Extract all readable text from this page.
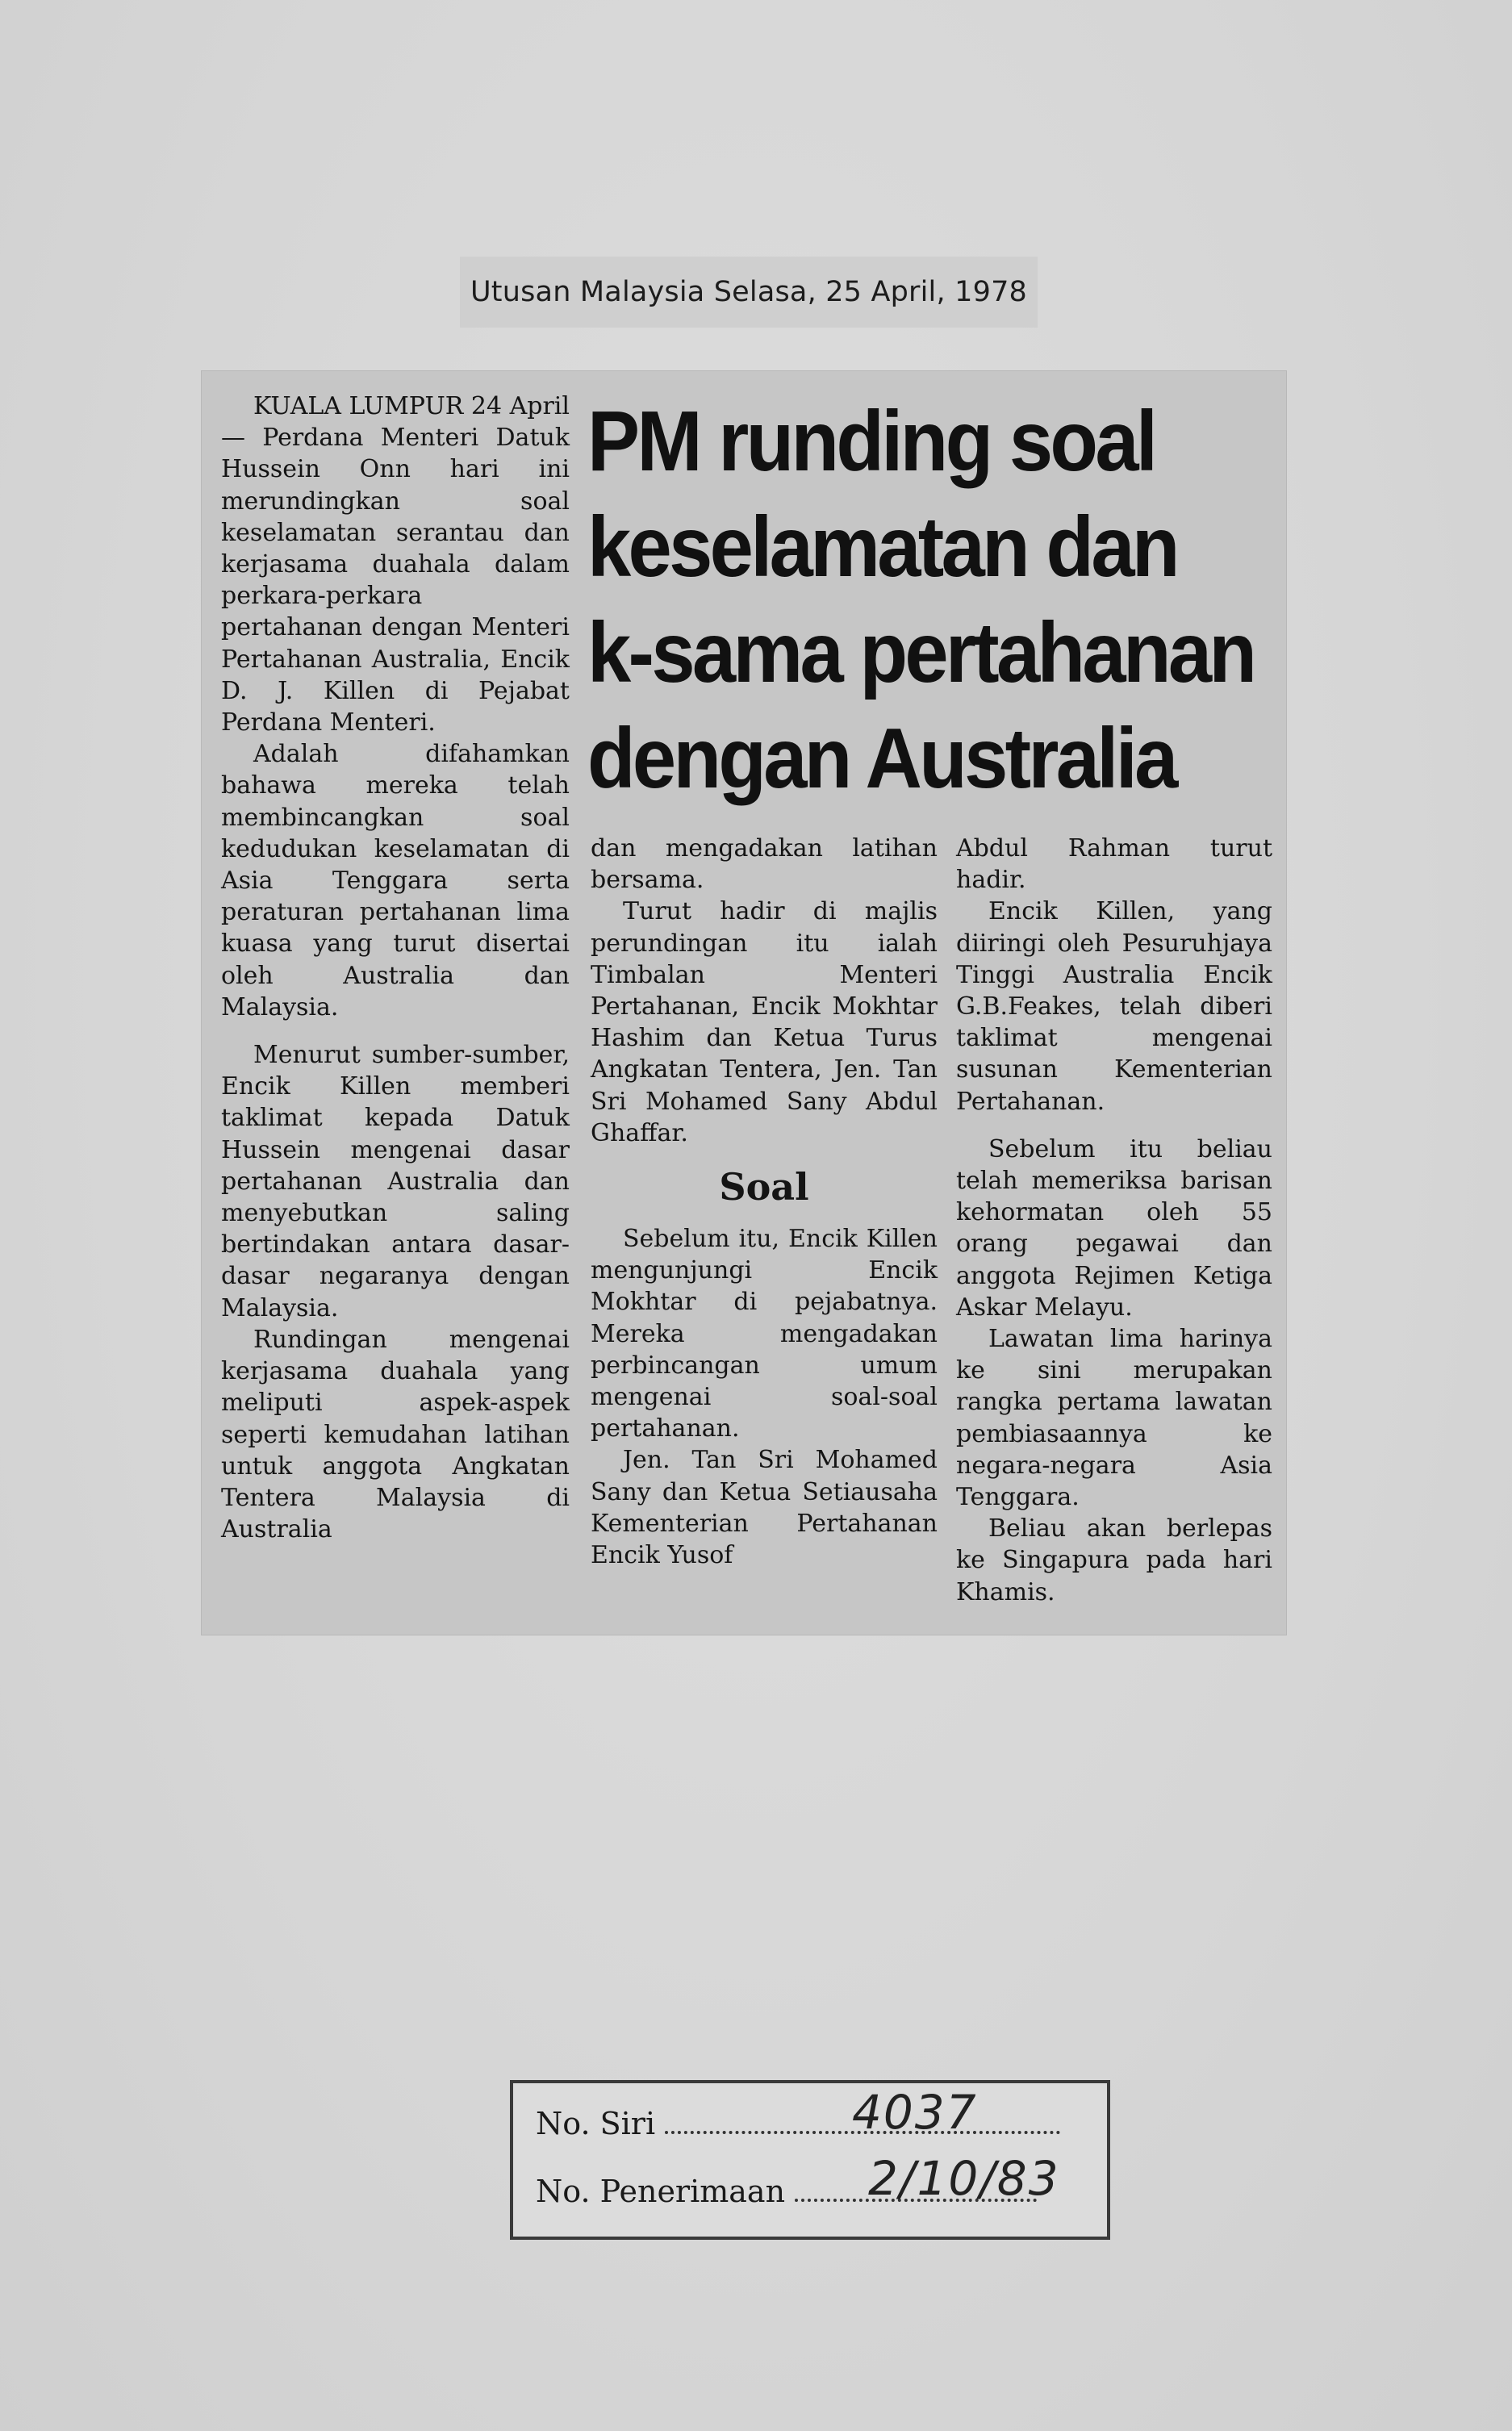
Utusan Malaysia Selasa, 25 April, 1978
PM runding soal
keselamatan dan
k-sama pertahanan
dengan Australia

KUALA LUMPUR 24 April — Perdana Menteri Datuk Hussein Onn hari ini merundingkan soal keselamatan serantau dan kerjasama duahala dalam perkara-perkara pertahanan dengan Menteri Pertahanan Australia, Encik D. J. Killen di Pejabat Perdana Menteri.

Adalah difahamkan bahawa mereka telah membincangkan soal kedudukan keselamatan di Asia Tenggara serta peraturan pertahanan lima kuasa yang turut disertai oleh Australia dan Malaysia.

Menurut sumber-sumber, Encik Killen memberi taklimat kepada Datuk Hussein mengenai dasar pertahanan Australia dan menyebutkan saling bertindakan antara dasar-dasar negaranya dengan Malaysia.

Rundingan mengenai kerjasama duahala yang meliputi aspek-aspek seperti kemudahan latihan untuk anggota Angkatan Tentera Malaysia di Australia

dan mengadakan latihan bersama.

Turut hadir di majlis perundingan itu ialah Timbalan Menteri Pertahanan, Encik Mokhtar Hashim dan Ketua Turus Angkatan Tentera, Jen. Tan Sri Mohamed Sany Abdul Ghaffar.

Soal

Sebelum itu, Encik Killen mengunjungi Encik Mokhtar di pejabatnya. Mereka mengadakan perbincangan umum mengenai soal-soal pertahanan.

Jen. Tan Sri Mohamed Sany dan Ketua Setiausaha Kementerian Pertahanan Encik Yusof

Abdul Rahman turut hadir.

Encik Killen, yang diiringi oleh Pesuruhjaya Tinggi Australia Encik G.B.Feakes, telah diberi taklimat mengenai susunan Kementerian Pertahanan.

Sebelum itu beliau telah memeriksa barisan kehormatan oleh 55 orang pegawai dan anggota Rejimen Ketiga Askar Melayu.

Lawatan lima harinya ke sini merupakan rangka pertama lawatan pembiasaannya ke negara-negara Asia Tenggara.

Beliau akan berlepas ke Singapura pada hari Khamis.

No. Siri	4037
No. Penerimaan	2/10/83
